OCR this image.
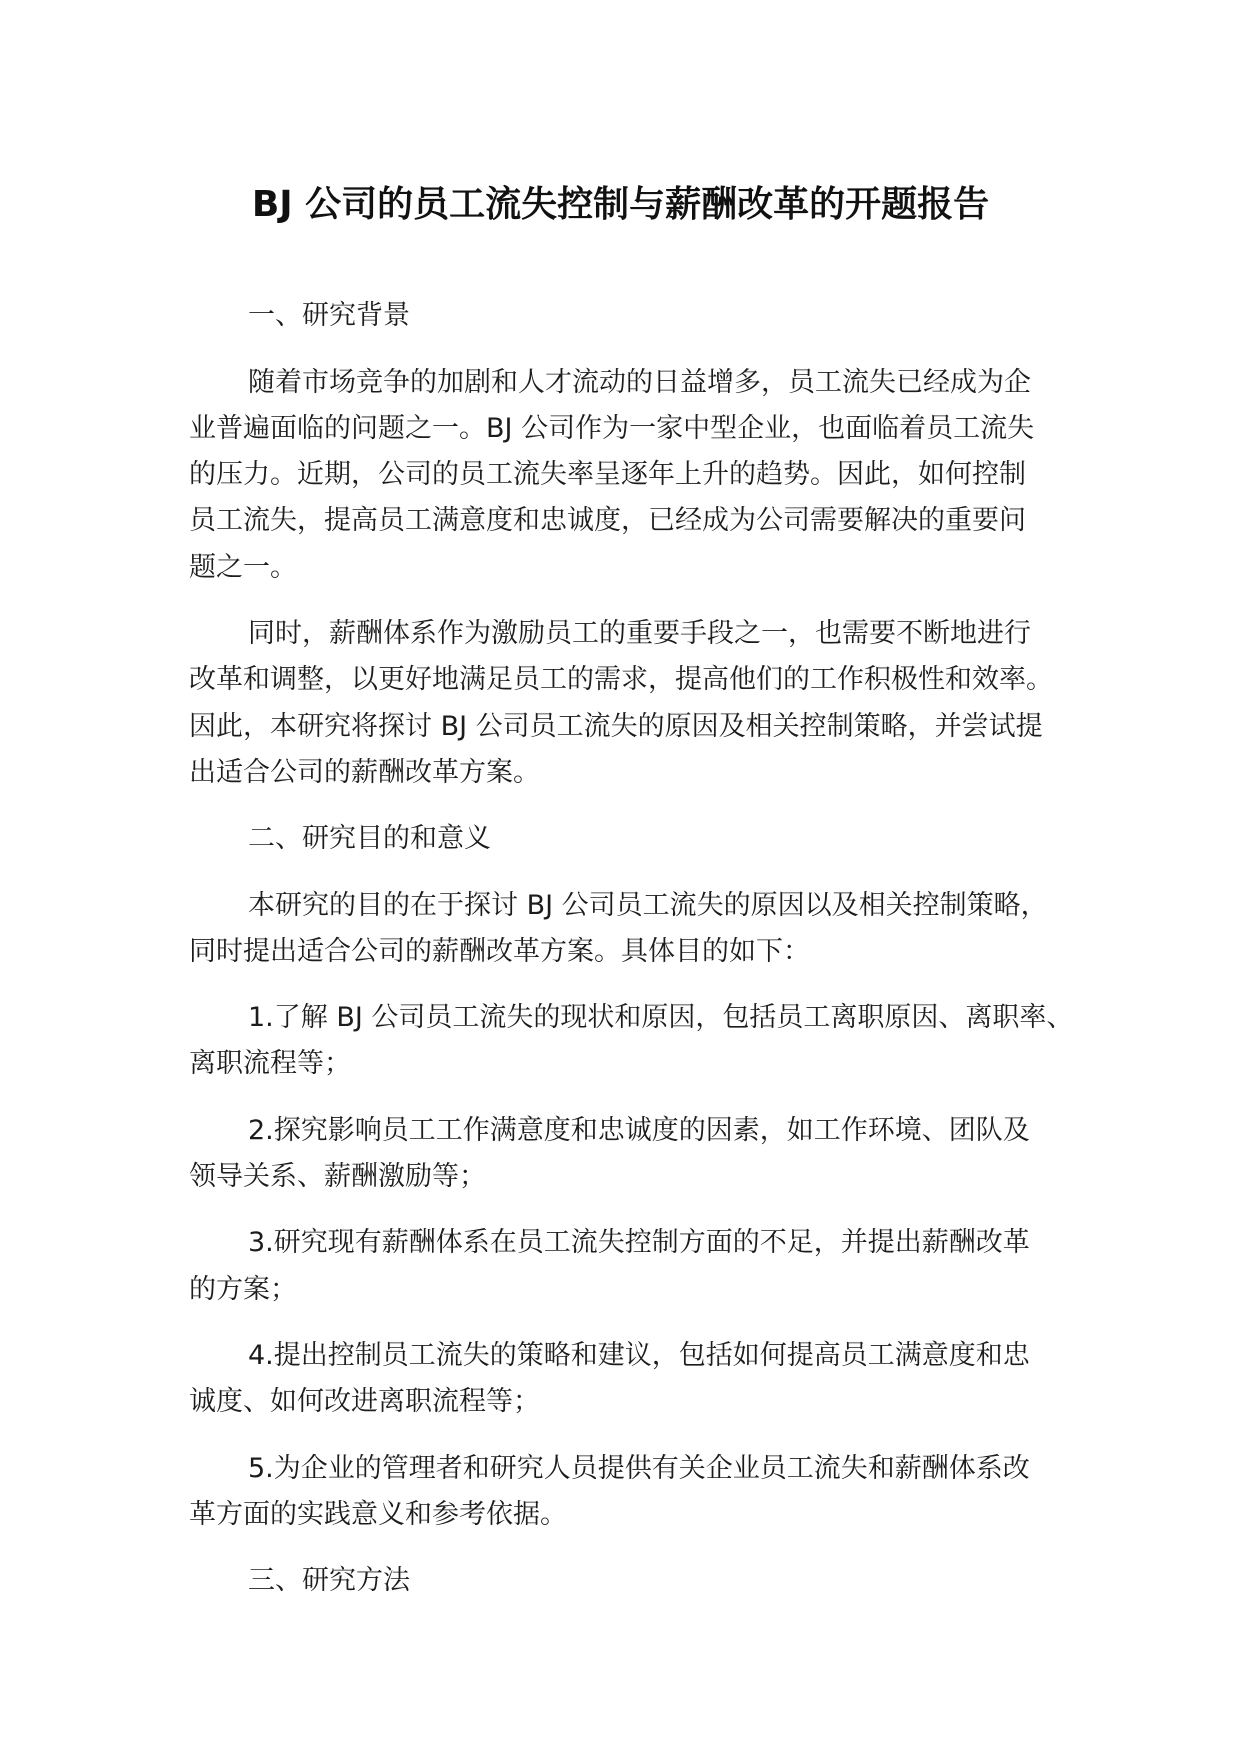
BJ 公司的员工流失控制与薪酬改革的开题报告
一、研究背景
随着市场竞争的加剧和人才流动的日益增多，员工流失已经成为企
业普遍面临的问题之一。BJ 公司作为一家中型企业，也面临着员工流失
的压力。近期，公司的员工流失率呈逐年上升的趋势。因此，如何控制
员工流失，提高员工满意度和忠诚度，已经成为公司需要解决的重要问
题之一。
同时，薪酬体系作为激励员工的重要手段之一，也需要不断地进行
改革和调整，以更好地满足员工的需求，提高他们的工作积极性和效率。
因此，本研究将探讨 BJ 公司员工流失的原因及相关控制策略，并尝试提
出适合公司的薪酬改革方案。
二、研究目的和意义
本研究的目的在于探讨 BJ 公司员工流失的原因以及相关控制策略，
同时提出适合公司的薪酬改革方案。具体目的如下：
1.了解 BJ 公司员工流失的现状和原因，包括员工离职原因、离职率、
离职流程等；
2.探究影响员工工作满意度和忠诚度的因素，如工作环境、团队及
领导关系、薪酬激励等；
3.研究现有薪酬体系在员工流失控制方面的不足，并提出薪酬改革
的方案；
4.提出控制员工流失的策略和建议，包括如何提高员工满意度和忠
诚度、如何改进离职流程等；
5.为企业的管理者和研究人员提供有关企业员工流失和薪酬体系改
革方面的实践意义和参考依据。
三、研究方法
